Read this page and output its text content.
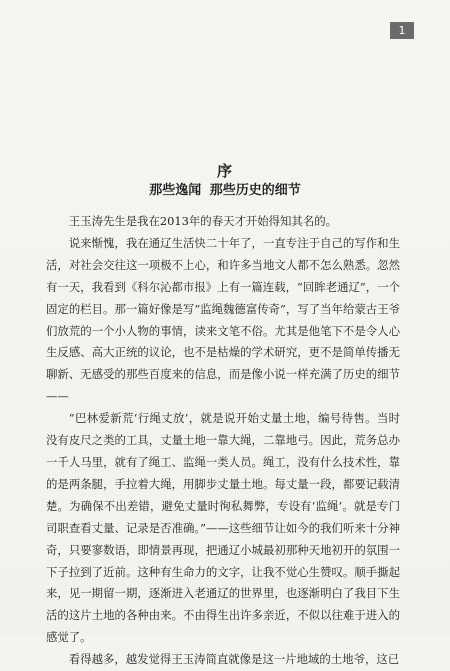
1
序
那些逸闻 那些历史的细节

王玉涛先生是我在2013年的春天才开始得知其名的。

说来惭愧，我在通辽生活快二十年了，一直专注于自己的写作和生活，对社会交往这一项极不上心，和许多当地文人都不怎么熟悉。忽然有一天，我看到《科尔沁都市报》上有一篇连载，“回眸老通辽”，一个固定的栏目。那一篇好像是写“监绳魏德富传奇”，写了当年给蒙古王爷们放荒的一个小人物的事情，读来文笔不俗。尤其是他笔下不是令人心生反感、高大正统的议论，也不是枯燥的学术研究，更不是简单传播无聊新、无感受的那些百度来的信息，而是像小说一样充满了历史的细节——

“巴林爱新荒‘行绳丈放’，就是说开始丈量土地，编号待售。当时没有皮尺之类的工具，丈量土地一靠大绳，二靠地弓。因此，荒务总办一千人马里，就有了绳工、监绳一类人员。绳工，没有什么技术性，靠的是两条腿，手拉着大绳，用脚步丈量土地。每丈量一段，都要记载清楚。为确保不出差错，避免丈量时徇私舞弊，专设有‘监绳’。就是专门司职查看丈量、记录是否准确。”——这些细节让如今的我们听来十分神奇，只要寥数语，即情景再现，把通辽小城最初那种天地初开的氛围一下子拉到了近前。这种有生命力的文字，让我不觉心生赞叹。顺手撕起来，见一期留一期，逐渐进入老通辽的世界里，也逐渐明白了我目下生活的这片土地的各种由来。不由得生出许多亲近，不似以往难于进入的感觉了。

看得越多，越发觉得王玉涛简直就像是这一片地域的土地爷，这已
